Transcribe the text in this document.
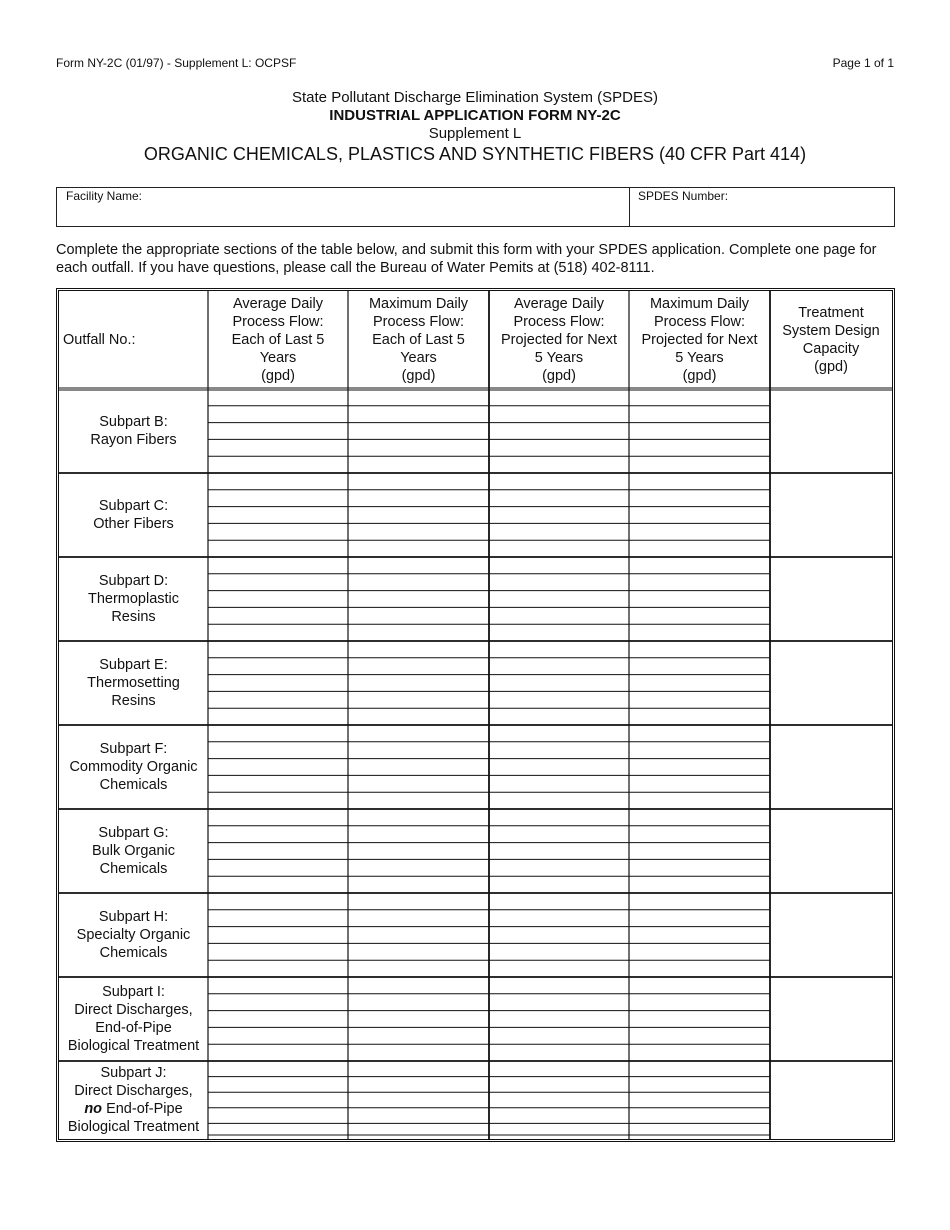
Form NY-2C (01/97) - Supplement L: OCPSF	Page 1 of 1
State Pollutant Discharge Elimination System (SPDES)
INDUSTRIAL APPLICATION FORM NY-2C
Supplement L
ORGANIC CHEMICALS, PLASTICS AND SYNTHETIC FIBERS (40 CFR Part 414)
Facility Name:	SPDES Number:
Complete the appropriate sections of the table below, and submit this form with your SPDES application. Complete one page for each outfall. If you have questions, please call the Bureau of Water Pemits at (518) 402-8111.
Outfall No.:
Average Daily
Process Flow:
Each of Last 5
Years
(gpd)
Maximum Daily
Process Flow:
Each of Last 5
Years
(gpd)
Average Daily
Process Flow:
Projected for Next
5 Years
(gpd)
Maximum Daily
Process Flow:
Projected for Next
5 Years
(gpd)
Treatment
System Design
Capacity
(gpd)
Subpart B:
Rayon Fibers
Subpart C:
Other Fibers
Subpart D:
Thermoplastic
Resins
Subpart E:
Thermosetting
Resins
Subpart F:
Commodity Organic
Chemicals
Subpart G:
Bulk Organic
Chemicals
Subpart H:
Specialty Organic
Chemicals
Subpart I:
Direct Discharges,
End-of-Pipe
Biological Treatment
Subpart J:
Direct Discharges,
no End-of-Pipe
Biological Treatment
